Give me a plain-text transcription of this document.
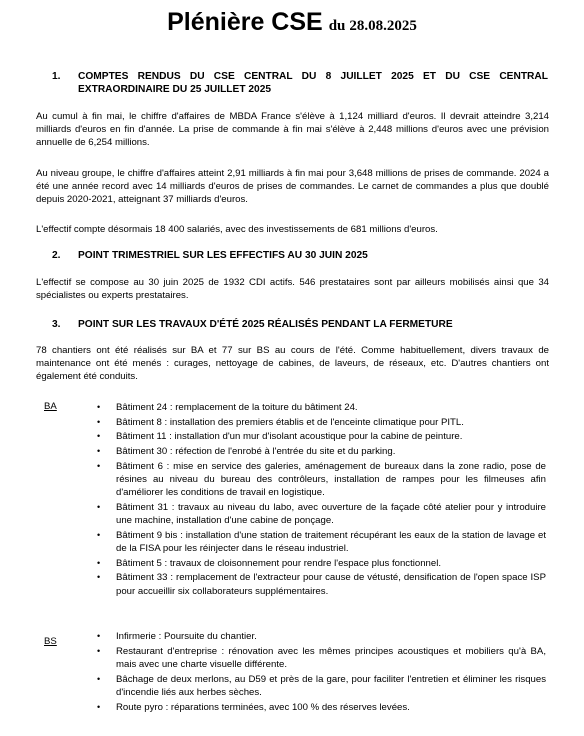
Plénière CSE du 28.08.2025
1. COMPTES RENDUS DU CSE CENTRAL DU 8 JUILLET 2025 ET DU CSE CENTRAL EXTRAORDINAIRE DU 25 JUILLET 2025
Au cumul à fin mai, le chiffre d'affaires de MBDA France s'élève à 1,124 milliard d'euros. Il devrait atteindre 3,214 milliards d'euros en fin d'année. La prise de commande à fin mai s'élève à 2,448 millions d'euros avec une prévision annuelle de 6,254 millions.
Au niveau groupe, le chiffre d'affaires atteint 2,91 milliards à fin mai pour 3,648 millions de prises de commande. 2024 a été une année record avec 14 milliards d'euros de prises de commandes. Le carnet de commandes a plus que doublé depuis 2020-2021, atteignant 37 milliards d'euros.
L'effectif compte désormais 18 400 salariés, avec des investissements de 681 millions d'euros.
2. POINT TRIMESTRIEL SUR LES EFFECTIFS AU 30 JUIN 2025
L'effectif se compose au 30 juin 2025 de 1932 CDI actifs. 546 prestataires sont par ailleurs mobilisés ainsi que 34 spécialistes ou experts prestataires.
3. POINT SUR LES TRAVAUX D'ÉTÉ 2025 RÉALISÉS PENDANT LA FERMETURE
78 chantiers ont été réalisés sur BA et 77 sur BS au cours de l'été. Comme habituellement, divers travaux de maintenance ont été menés : curages, nettoyage de cabines, de laveurs, de réseaux, etc. D'autres chantiers ont également été conduits.
BA	• Bâtiment 24 : remplacement de la toiture du bâtiment 24.
• Bâtiment 8 : installation des premiers établis et de l'enceinte climatique pour PITL.
• Bâtiment 11 : installation d'un mur d'isolant acoustique pour la cabine de peinture.
• Bâtiment 30 : réfection de l'enrobé à l'entrée du site et du parking.
• Bâtiment 6 : mise en service des galeries, aménagement de bureaux dans la zone radio, pose de résines au niveau du bureau des contrôleurs, installation de rampes pour les filmeuses afin d'améliorer les conditions de travail en logistique.
• Bâtiment 31 : travaux au niveau du labo, avec ouverture de la façade côté atelier pour y introduire une machine, installation d'une cabine de ponçage.
• Bâtiment 9 bis : installation d'une station de traitement récupérant les eaux de la station de lavage et de la FISA pour les réinjecter dans le réseau industriel.
• Bâtiment 5 : travaux de cloisonnement pour rendre l'espace plus fonctionnel.
• Bâtiment 33 : remplacement de l'extracteur pour cause de vétusté, densification de l'open space ISP pour accueillir six collaborateurs supplémentaires.
BS	• Infirmerie : Poursuite du chantier.
• Restaurant d'entreprise : rénovation avec les mêmes principes acoustiques et mobiliers qu'à BA, mais avec une charte visuelle différente.
• Bâchage de deux merlons, au D59 et près de la gare, pour faciliter l'entretien et éliminer les risques d'incendie liés aux herbes sèches.
• Route pyro : réparations terminées, avec 100 % des réserves levées.
